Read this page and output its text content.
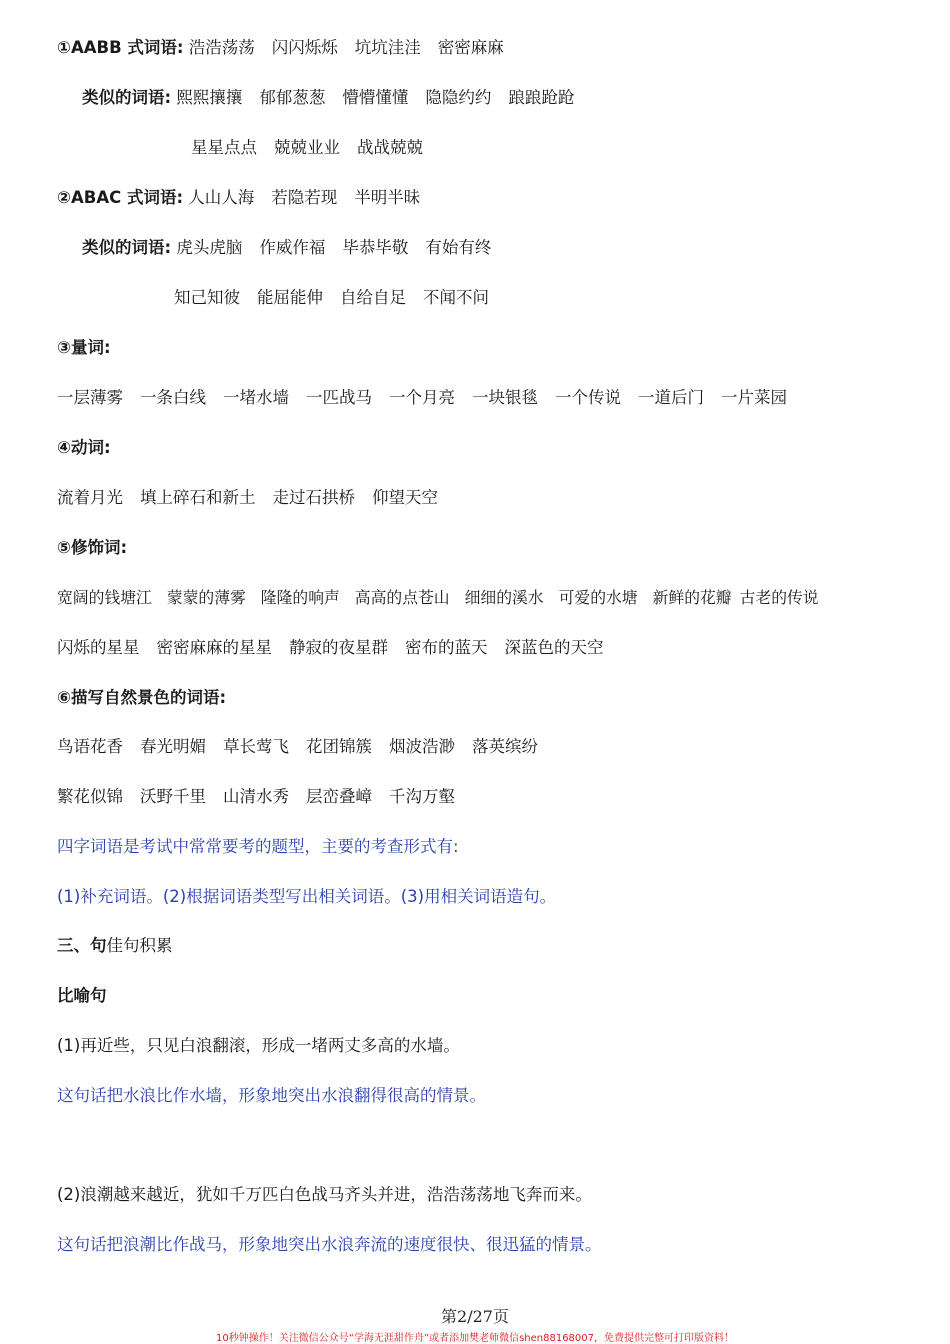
①AABB 式词语: 浩浩荡荡 闪闪烁烁 坑坑洼洼 密密麻麻
类似的词语: 熙熙攘攘 郁郁葱葱 懵懵懂懂 隐隐约约 踉踉跄跄
星星点点 兢兢业业 战战兢兢
②ABAC 式词语: 人山人海 若隐若现 半明半昧
类似的词语: 虎头虎脑 作威作福 毕恭毕敬 有始有终
知己知彼 能屈能伸 自给自足 不闻不问
③量词:
一层薄雾 一条白线 一堵水墙 一匹战马 一个月亮 一块银毯 一个传说 一道后门 一片菜园
④动词:
流着月光 填上碎石和新土 走过石拱桥 仰望天空
⑤修饰词:
宽阔的钱塘江 蒙蒙的薄雾 隆隆的响声 高高的点苍山 细细的溪水 可爱的水塘 新鲜的花瓣 古老的传说
闪烁的星星 密密麻麻的星星 静寂的夜星群 密布的蓝天 深蓝色的天空
⑥描写自然景色的词语:
鸟语花香 春光明媚 草长莺飞 花团锦簇 烟波浩渺 落英缤纷
繁花似锦 沃野千里 山清水秀 层峦叠嶂 千沟万壑
四字词语是考试中常常要考的题型，主要的考查形式有:
(1)补充词语。(2)根据词语类型写出相关词语。(3)用相关词语造句。
三、句佳句积累
比喻句
(1)再近些，只见白浪翻滚，形成一堵两丈多高的水墙。
这句话把水浪比作水墙，形象地突出水浪翻得很高的情景。
(2)浪潮越来越近，犹如千万匹白色战马齐头并进，浩浩荡荡地飞奔而来。
这句话把浪潮比作战马，形象地突出水浪奔流的速度很快、很迅猛的情景。
第2/27页
10秒钟操作！关注微信公众号“学海无涯甜作舟”或者添加樊老师微信shen88168007，免费提供完整可打印版资料！
